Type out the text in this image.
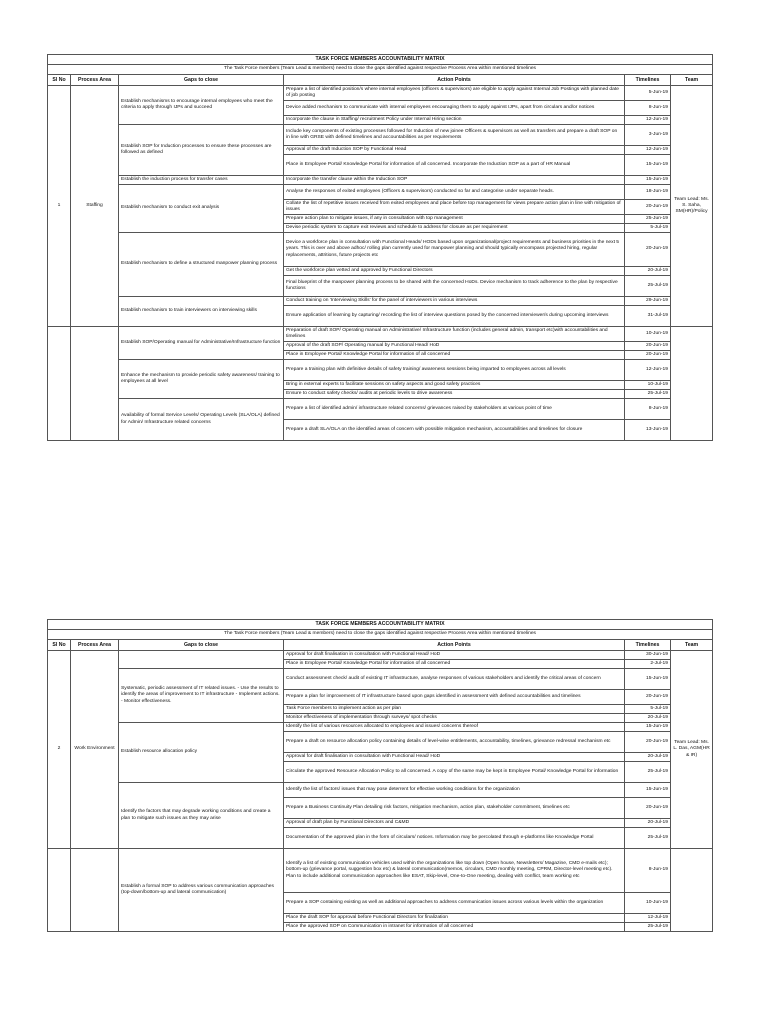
TASK FORCE MEMBERS ACCOUNTABILITY MATRIX					
The Task Force members (Team Lead & members) need to close the gaps identified against respective Process Area within mentioned timelines					
Sl No	Process Area	Gaps to close	Action Points	Timelines	Team
1	Staffing	Establish mechanisms to encourage internal employees who meet the criteria to apply through IJPs and succeed	Prepare a list of identified position/s where internal employees (officers & supervisors) are eligible to apply against Internal Job Postings with planned date of job posting	5-Jun-19	Team Lead: Ms. S. Saha, SM(HR)/Policy
			Device added mechanism to communicate with internal employees encouraging them to apply against IJPs, apart from circulars and/or notices	8-Jun-19	
			Incorporate the clause in Staffing/ recruitment Policy under Internal Hiring section	12-Jun-19	
		Establish SOP for Induction processes to ensure these processes are followed as defined	Include key components of existing processes followed for Induction of new joinee Officers & supervisors as well as transfers and prepare a draft SOP on in line with GRSE with defined timelines and accountabilities as per requirements	3-Jun-19	
			Approval of the draft Induction SOP by Functional Head	12-Jun-19	
			Place in Employee Portal/ Knowledge Portal for information of all concerned. Incorporate the Induction SOP as a part of HR Manual	15-Jun-19	
		Establish the induction process for transfer cases	Incorporate the transfer clause within the Induction SOP	15-Jun-19	
		Establish mechanism to conduct exit analysis	Analyse the responses of exited employees (Officers & supervisors) conducted so far and categorise under separate heads.	18-Jun-19	
			Collate the list of repetitive issues received from exited employees and place before top management for views prepare action plan in line with mitigation of issues	20-Jun-19	
			Prepare action plan to mitigate issues, if any in consultation with top management	25-Jun-19	
			Devise periodic system to capture exit reviews and schedule to address for closure as per requirement	5-Jul-19	
		Establish mechanism to define a structured manpower planning process	Device a workforce plan in consultation with Functional Heads/ HODs based upon organizational/project requirements and business priorities in the next 5 years. This is over and above adhoc/ rolling plan currently used for manpower planning and should typically encompass projected hiring, regular replacements, attritions, future projects etc	20-Jun-19	
			Get the workforce plan vetted and approved by Functional Directors	20-Jul-19	
			Final blueprint of the manpower planning process to be shared with the concerned HoDs. Device mechanism to track adherence to the plan by respective functions	25-Jul-19	
		Establish mechanism to train interviewers on interviewing skills	Conduct training on 'Interviewing Skills' for the panel of interviewers in various interviews	29-Jun-19	
			Ensure application of learning by capturing/ recording the list of interview questions posed by the concerned interviewer/s during upcoming interviews	31-Jul-19	
		Establish SOP/Operating manual for Administrative/Infrastructure function	Preparation of draft SOP/ Operating manual on Administrative/ Infrastructure function (includes general admin, transport etc)with accountabilities and timelines	10-Jun-19	
			Approval of the draft SOP/ Operating manual by Functional Head/ HoD	20-Jun-19	
			Place in Employee Portal/ Knowledge Portal for information of all concerned	20-Jun-19	
		Enhance the mechanism to provide periodic safety awareness/ training to employees at all level	Prepare a training plan with definitive details of safety training/ awareness sessions being imparted to employees across all levels	12-Jun-19	
			Bring in external experts to facilitate sessions on safety aspects and good safety practices	10-Jul-19	
			Ensure to conduct safety checks/ audits at periodic levels to drive awareness	25-Jul-19	
		Availability of formal Service Levels/ Operating Levels (SLA/OLA) defined for Admin/ Infrastructure related concerns	Prepare a list of identified admin/ infrastructure related concerns/ grievances raised by stakeholders at various point of time	8-Jun-19	
			Prepare a draft SLA/OLA on the identified areas of concern with possible mitigation mechanism, accountabilities and timelines for closure	13-Jun-19	
TASK FORCE MEMBERS ACCOUNTABILITY MATRIX					
The Task Force members (Team Lead & members) need to close the gaps identified against respective Process Area within mentioned timelines					
Sl No	Process Area	Gaps to close	Action Points	Timelines	Team
2	Work Environment		Approval for draft finalisation in consultation with Functional Head/ HoD	30-Jun-19	Team Lead: Ms. L. Das, AGM(HR & IR)
			Place in Employee Portal/ Knowledge Portal for information of all concerned	2-Jul-19	
		Systematic, periodic assessment of IT related issues. - Use the results to identify the areas of improvement to IT infrastructure - Implement actions. - Monitor effectiveness.	Conduct assessment check/ audit of existing IT infrastructure, analyse responses of various stakeholders and identify the critical areas of concern	15-Jun-19	
			Prepare a plan for improvement of IT infrastructure based upon gaps identified in assessment with defined accountabilities and timelines	20-Jun-19	
			Task Force members to implement action as per plan	5-Jul-19	
			Monitor effectiveness of implementation through surveys/ spot checks	20-Jul-19	
		Establish resource allocation policy	Identify the list of various resources allocated to employees and issues/ concerns thereof	15-Jun-19	
			Prepare a draft on resource allocation policy containing details of level-wise entitlements, accountability, timelines, grievance redressal mechanism etc	20-Jun-19	
			Approval for draft finalisation in consultation with Functional Head/ HoD	20-Jul-19	
			Circulate the approved Resource Allocation Policy to all concerned. A copy of the same may be kept in Employee Portal/ Knowledge Portal for information	25-Jul-19	
		Identify the factors that may degrade working conditions and create a plan to mitigate such issues as they may arise	Identify the list of factors/ issues that may pose deterrent for effective working conditions for the organization	15-Jun-19	
			Prepare a Business Continuity Plan detailing risk factors, mitigation mechanism, action plan, stakeholder commitment, timelines etc	20-Jun-19	
			Approval of draft plan by Functional Directors and C&MD	20-Jul-19	
			Documentation of the approved plan in the form of circulars/ notices. Information may be percolated through e-platforms like Knowledge Portal	25-Jul-19	
		Establish a formal SOP to address various communication approaches (top-down/bottom-up and lateral communication)	Identify a list of existing communication vehicles used within the organizations like top down (Open house, Newsletters/ Magazine, CMD e-mails etc); bottom-up (grievance portal, suggestion box etc) & lateral communication(memos, circulars, CMD monthly meeting, CPRM, Director-level meeting etc). Plan to include additional communication approaches like ESAT, Skip-level, One-to-One meeting, dealing with conflict, team working etc	8-Jun-19	
			Prepare a SOP containing existing as well as additional approaches to address communication issues across various levels within the organization	10-Jun-19	
			Place the draft SOP for approval before Functional Directors for finalization	12-Jul-19	
			Place the approved SOP on Communication in intranet for information of all concerned	25-Jul-19	
